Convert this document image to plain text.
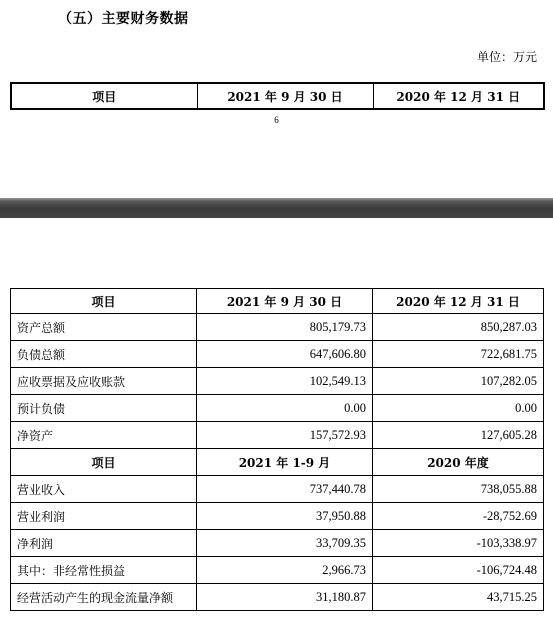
（五）主要财务数据
单位：万元
项目	2021 年 9 月 30 日	2020 年 12 月 31 日
6
项目	2021 年 9 月 30 日	2020 年 12 月 31 日
资产总额	805,179.73	850,287.03
负债总额	647,606.80	722,681.75
应收票据及应收账款	102,549.13	107,282.05
预计负债	0.00	0.00
净资产	157,572.93	127,605.28
项目	2021 年 1-9 月	2020 年度
营业收入	737,440.78	738,055.88
营业利润	37,950.88	-28,752.69
净利润	33,709.35	-103,338.97
其中：非经常性损益	2,966.73	-106,724.48
经营活动产生的现金流量净额	31,180.87	43,715.25
